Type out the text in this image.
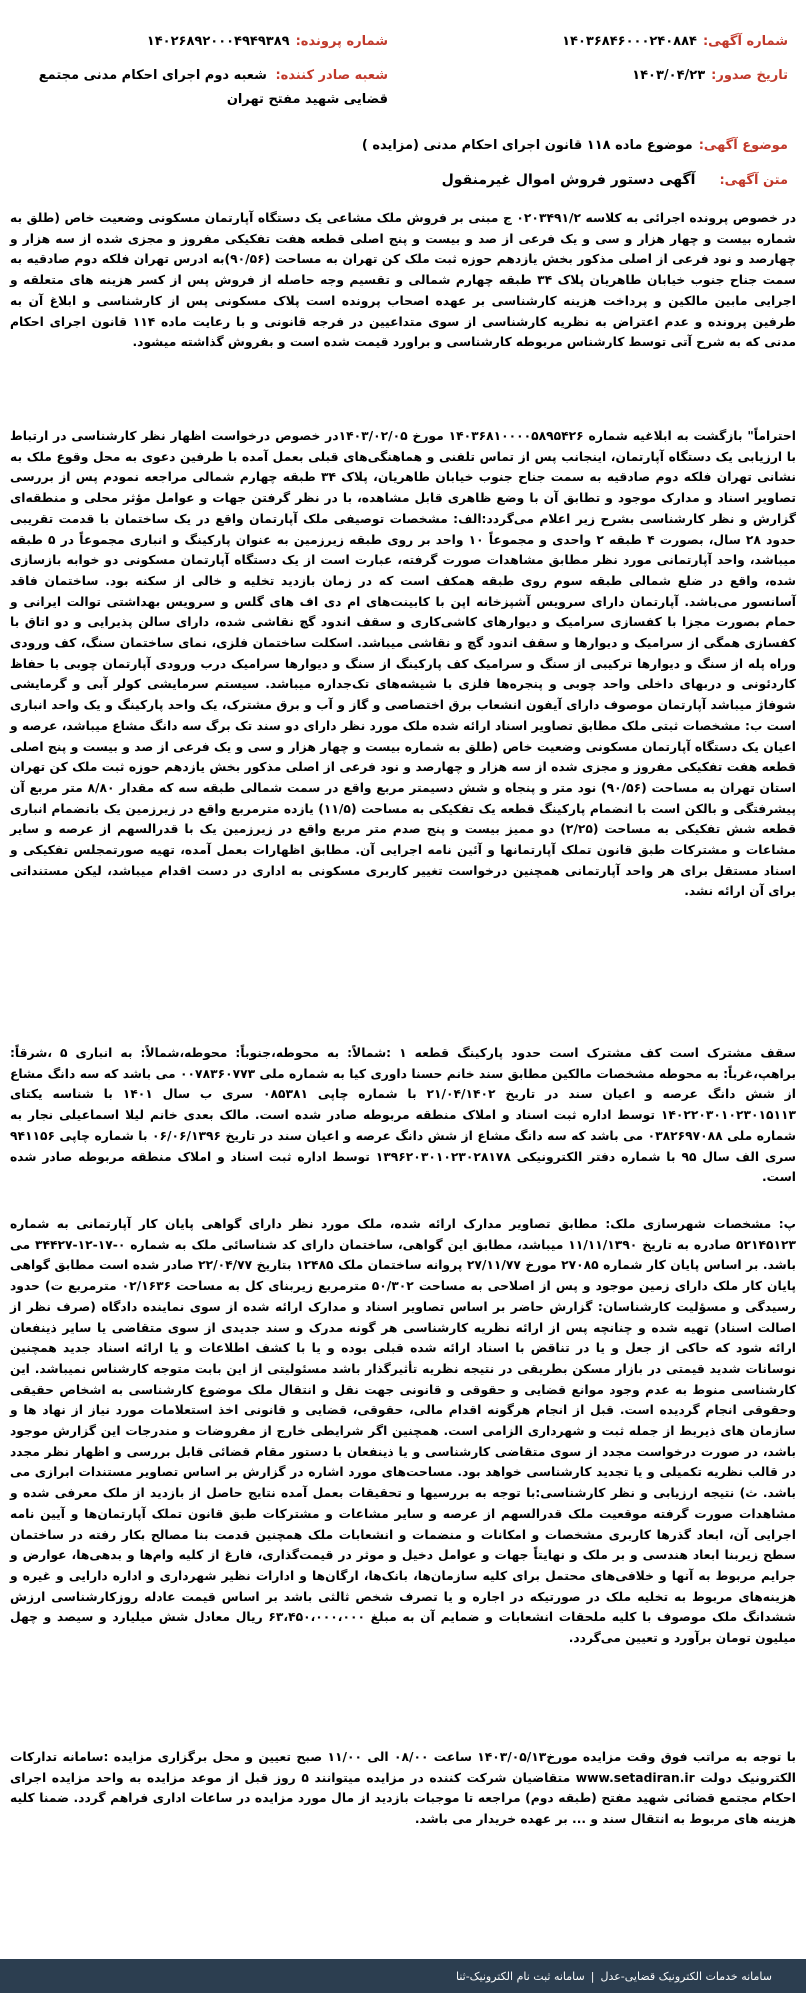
شماره آگهی:
۱۴۰۳۶۸۴۶۰۰۰۲۴۰۸۸۴
شماره پرونده:
۱۴۰۲۶۸۹۲۰۰۰۴۹۴۹۳۸۹
تاریخ صدور:
۱۴۰۳/۰۴/۲۳
شعبه صادر کننده: شعبه دوم اجرای احکام مدنی مجتمع قضایی شهید مفتح تهران
موضوع آگهی:
موضوع ماده ۱۱۸ قانون اجرای احکام مدنی (مزایده )
متن آگهی:
آگهی دستور فروش اموال غیرمنقول

در خصوص پرونده اجرائی به کلاسه ۰۲۰۳۴۹۱/۲ ج مبنی بر فروش ملک مشاعی یک دستگاه آپارتمان مسکونی وضعیت خاص (طلق به شماره بیست و چهار هزار و سی و یک فرعی از صد و بیست و پنج اصلی قطعه هفت تفکیکی مفروز و مجزی شده از سه هزار و چهارصد و نود فرعی از اصلی مذکور بخش یازدهم حوزه ثبت ملک کن تهران به مساحت (۹۰/۵۶)به ادرس تهران فلکه دوم صادقیه به سمت جناح جنوب خیابان طاهریان پلاک ۳۴ طبقه چهارم شمالی و تقسیم وجه حاصله از فروش پس از کسر هزینه های متعلقه و اجرایی مابین مالکین و پرداخت هزینه کارشناسی بر عهده اصحاب پرونده است پلاک مسکونی پس از کارشناسی و ابلاغ آن به طرفین پرونده و عدم اعتراض به نظریه کارشناسی از سوی متداعیین در فرجه قانونی و با رعایت ماده ۱۱۴ قانون اجرای احکام مدنی که به شرح آتی توسط کارشناس مربوطه کارشناسی و براورد قیمت شده است و بفروش گذاشته میشود.

احتراماً" بازگشت به ابلاغیه شماره ۱۴۰۳۶۸۱۰۰۰۰۵۸۹۵۴۲۶ مورخ ۱۴۰۳/۰۲/۰۵در خصوص درخواست اظهار نظر کارشناسی در ارتباط با ارزیابی یک دستگاه آپارتمان، اینجانب پس از تماس تلفنی و هماهنگی‌های قبلی بعمل آمده با طرفین دعوی به محل وقوع ملک به نشانی تهران فلکه دوم صادقیه به سمت جناح جنوب خیابان طاهریان، پلاک ۳۴ طبقه چهارم شمالی مراجعه نمودم پس از بررسی تصاویر اسناد و مدارک موجود و تطابق آن با وضع ظاهری قابل مشاهده، با در نظر گرفتن جهات و عوامل مؤثر محلی و منطقه‌ای گزارش و نظر کارشناسی بشرح زیر اعلام می‌گردد:الف: مشخصات توصیفی ملک آپارتمان واقع در یک ساختمان با قدمت تقریبی حدود ۲۸ سال، بصورت ۴ طبقه ۲ واحدی و مجموعاً ۱۰ واحد بر روی طبقه زیرزمین به عنوان پارکینگ و انباری مجموعاً در ۵ طبقه میباشد، واحد آپارتمانی مورد نظر مطابق مشاهدات صورت گرفته، عبارت است از یک دستگاه آپارتمان مسکونی دو خوابه بازسازی شده، واقع در ضلع شمالی طبقه سوم روی طبقه همکف است که در زمان بازدید تخلیه و خالی از سکنه بود. ساختمان فاقد آسانسور می‌باشد. آپارتمان دارای سرویس آشپزخانه اپن با کابینت‌های ام دی اف های گلس و سرویس بهداشتی توالت ایرانی و حمام بصورت مجزا با کفسازی سرامیک و دیوارهای کاشی‌کاری و سقف اندود گچ نقاشی شده، دارای سالن پذیرایی و دو اتاق با کفسازی همگی از سرامیک و دیوارها و سقف اندود گچ و نقاشی میباشد. اسکلت ساختمان فلزی، نمای ساختمان سنگ، کف ورودی وراه پله از سنگ و دیوارها ترکیبی از سنگ و سرامیک کف پارکینگ از سنگ و دیوارها سرامیک درب ورودی آپارتمان چوبی با حفاظ کاردئونی و دربهای داخلی واحد چوبی و پنجره‌ها فلزی با شیشه‌های تک‌جداره میباشد. سیستم سرمایشی کولر آبی و گرمایشی شوفاژ میباشد آپارتمان موصوف دارای آیفون انشعاب برق اختصاصی و گاز و آب و برق مشترک، یک واحد پارکینگ و یک واحد انباری است ب: مشخصات ثبتی ملک مطابق تصاویر اسناد ارائه شده ملک مورد نظر دارای دو سند تک برگ سه دانگ مشاع میباشد، عرصه و اعیان یک دستگاه آپارتمان مسکونی وضعیت خاص (طلق به شماره بیست و چهار هزار و سی و یک فرعی از صد و بیست و پنج اصلی قطعه هفت تفکیکی مفروز و مجزی شده از سه هزار و چهارصد و نود فرعی از اصلی مذکور بخش یازدهم حوزه ثبت ملک کن تهران استان تهران به مساحت (۹۰/۵۶) نود متر و پنجاه و شش دسیمتر مربع واقع در سمت شمالی طبقه سه که مقدار ۸/۸۰ متر مربع آن پیشرفتگی و بالکن است با انضمام پارکینگ قطعه یک تفکیکی به مساحت (۱۱/۵) یازده مترمربع واقع در زیرزمین یک بانضمام انباری قطعه شش تفکیکی به مساحت (۲/۲۵) دو ممیز بیست و پنج صدم متر مربع واقع در زیرزمین یک با قدرالسهم از عرصه و سایر مشاعات و مشترکات طبق قانون تملک آپارتمانها و آئین نامه اجرایی آن. مطابق اظهارات بعمل آمده، تهیه صورتمجلس تفکیکی و اسناد مستقل برای هر واحد آپارتمانی همچنین درخواست تغییر کاربری مسکونی به اداری در دست اقدام میباشد، لیکن مستنداتی برای آن ارائه نشد.

سقف مشترک است کف مشترک است حدود پارکینگ قطعه ۱ :شمالاً: به محوطه،جنوباً: محوطه،شمالاً: به انباری ۵ ،شرقاً: براهپ،غرباً: به محوطه مشخصات مالکین مطابق سند خانم حسنا داوری کیا به شماره ملی ۰۰۷۸۳۶۰۷۷۳ می باشد که سه دانگ مشاع از شش دانگ عرصه و اعیان سند در تاریخ ۲۱/۰۴/۱۴۰۲ با شماره چاپی ۰۸۵۳۸۱ سری ب سال ۱۴۰۱ با شناسه یکتای ۱۴۰۲۲۰۳۰۱۰۲۳۰۱۵۱۱۳ توسط اداره ثبت اسناد و املاک منطقه مربوطه صادر شده است. مالک بعدی خانم لیلا اسماعیلی نجار به شماره ملی ۰۳۸۲۶۹۷۰۸۸ می باشد که سه دانگ مشاع از شش دانگ عرصه و اعیان سند در تاریخ ۰۶/۰۶/۱۳۹۶ با شماره چاپی ۹۴۱۱۵۶ سری الف سال ۹۵ با شماره دفتر الکترونیکی ۱۳۹۶۲۰۳۰۱۰۲۳۰۲۸۱۷۸ توسط اداره ثبت اسناد و املاک منطقه مربوطه صادر شده است.

پ: مشخصات شهرسازی ملک: مطابق تصاویر مدارک ارائه شده، ملک مورد نظر دارای گواهی پایان کار آپارتمانی به شماره ۵۲۱۴۵۱۲۳ صادره به تاریخ ۱۱/۱۱/۱۳۹۰ میباشد، مطابق این گواهی، ساختمان دارای کد شناسائی ملک به شماره ۰-۱۷-۱۲-۳۴۴۲۷ می باشد. بر اساس پایان کار شماره ۲۷۰۸۵ مورخ ۲۷/۱۱/۷۷ پروانه ساختمان ملک ۱۲۴۸۵ بتاریخ ۲۲/۰۴/۷۷ صادر شده است مطابق گواهی پایان کار ملک دارای زمین موجود و پس از اصلاحی به مساحت ۵۰/۳۰۲ مترمربع زیربنای کل به مساحت ۰۲/۱۶۳۶ مترمربع ت) حدود رسیدگی و مسؤلیت کارشناسان: گزارش حاضر بر اساس تصاویر اسناد و مدارک ارائه شده از سوی نماینده دادگاه (صرف نظر از اصالت اسناد) تهیه شده و چنانچه پس از ارائه نظریه کارشناسی هر گونه مدرک و سند جدیدی از سوی متقاضی یا سایر ذینفعان ارائه شود که حاکی از جعل و یا در تناقض با اسناد ارائه شده قبلی بوده و یا با کشف اطلاعات و یا ارائه اسناد جدید همچنین نوسانات شدید قیمتی در بازار مسکن بطریقی در نتیجه نظریه تأثیرگذار باشد مسئولیتی از این بابت متوجه کارشناس نمیباشد. این کارشناسی منوط به عدم وجود موانع قضایی و حقوقی و قانونی جهت نقل و انتقال ملک موضوع کارشناسی به اشخاص حقیقی وحقوقی انجام گردیده است. قبل از انجام هرگونه اقدام مالی، حقوقی، قضایی و قانونی اخذ استعلامات مورد نیاز از نهاد ها و سازمان های ذیربط از جمله ثبت و شهرداری الزامی است. همچنین اگر شرایطی خارج از مفروضات و مندرجات این گزارش موجود باشد، در صورت درخواست مجدد از سوی متقاضی کارشناسی و یا ذینفعان با دستور مقام قضائی قابل بررسی و اظهار نظر مجدد در قالب نظریه تکمیلی و یا تجدید کارشناسی خواهد بود. مساحت‌های مورد اشاره در گزارش بر اساس تصاویر مستندات ابرازی می باشد. ث) نتیجه ارزیابی و نظر کارشناسی:با توجه به بررسیها و تحقیقات بعمل آمده نتایج حاصل از بازدید از ملک معرفی شده و مشاهدات صورت گرفته موقعیت ملک قدرالسهم از عرصه و سایر مشاعات و مشترکات طبق قانون تملک آپارتمان‌ها و آیین نامه اجرایی آن، ابعاد گذرها کاربری مشخصات و امکانات و منضمات و انشعابات ملک همچنین قدمت بنا مصالح بکار رفته در ساختمان سطح زیربنا ابعاد هندسی و بر ملک و نهایتاً جهات و عوامل دخیل و موثر در قیمت‌گذاری، فارغ از کلیه وام‌ها و بدهی‌ها، عوارض و جرایم مربوط به آنها و خلافی‌های محتمل برای کلیه سازمان‌ها، بانک‌ها، ارگان‌ها و ادارات نظیر شهرداری و اداره دارایی و غیره و هزینه‌های مربوط به تخلیه ملک در صورتیکه در اجاره و یا تصرف شخص ثالثی باشد بر اساس قیمت عادله روزکارشناسی ارزش ششدانگ ملک موصوف با کلیه ملحقات انشعابات و ضمایم آن به مبلغ ۶۳،۴۵۰،۰۰۰،۰۰۰ ریال معادل شش میلیارد و سیصد و چهل میلیون تومان برآورد و تعیین می‌گردد.

با توجه به مراتب فوق وقت مزایده مورخ۱۴۰۳/۰۵/۱۳ ساعت ۰۸/۰۰ الی ۱۱/۰۰ صبح تعیین و محل برگزاری مزایده :سامانه تدارکات الکترونیک دولت www.setadiran.ir متقاضیان شرکت کننده در مزایده میتوانند ۵ روز قبل از موعد مزایده به واحد مزایده اجرای احکام مجتمع قضائی شهید مفتح (طبقه دوم) مراجعه تا موجبات بازدید از مال مورد مزایده در ساعات اداری فراهم گردد. ضمنا کلیه هزینه های مربوط به انتقال سند و ... بر عهده خریدار می باشد.

سامانه خدمات الکترونیک قضایی-عدل
|
سامانه ثبت نام الکترونیک-ثنا
